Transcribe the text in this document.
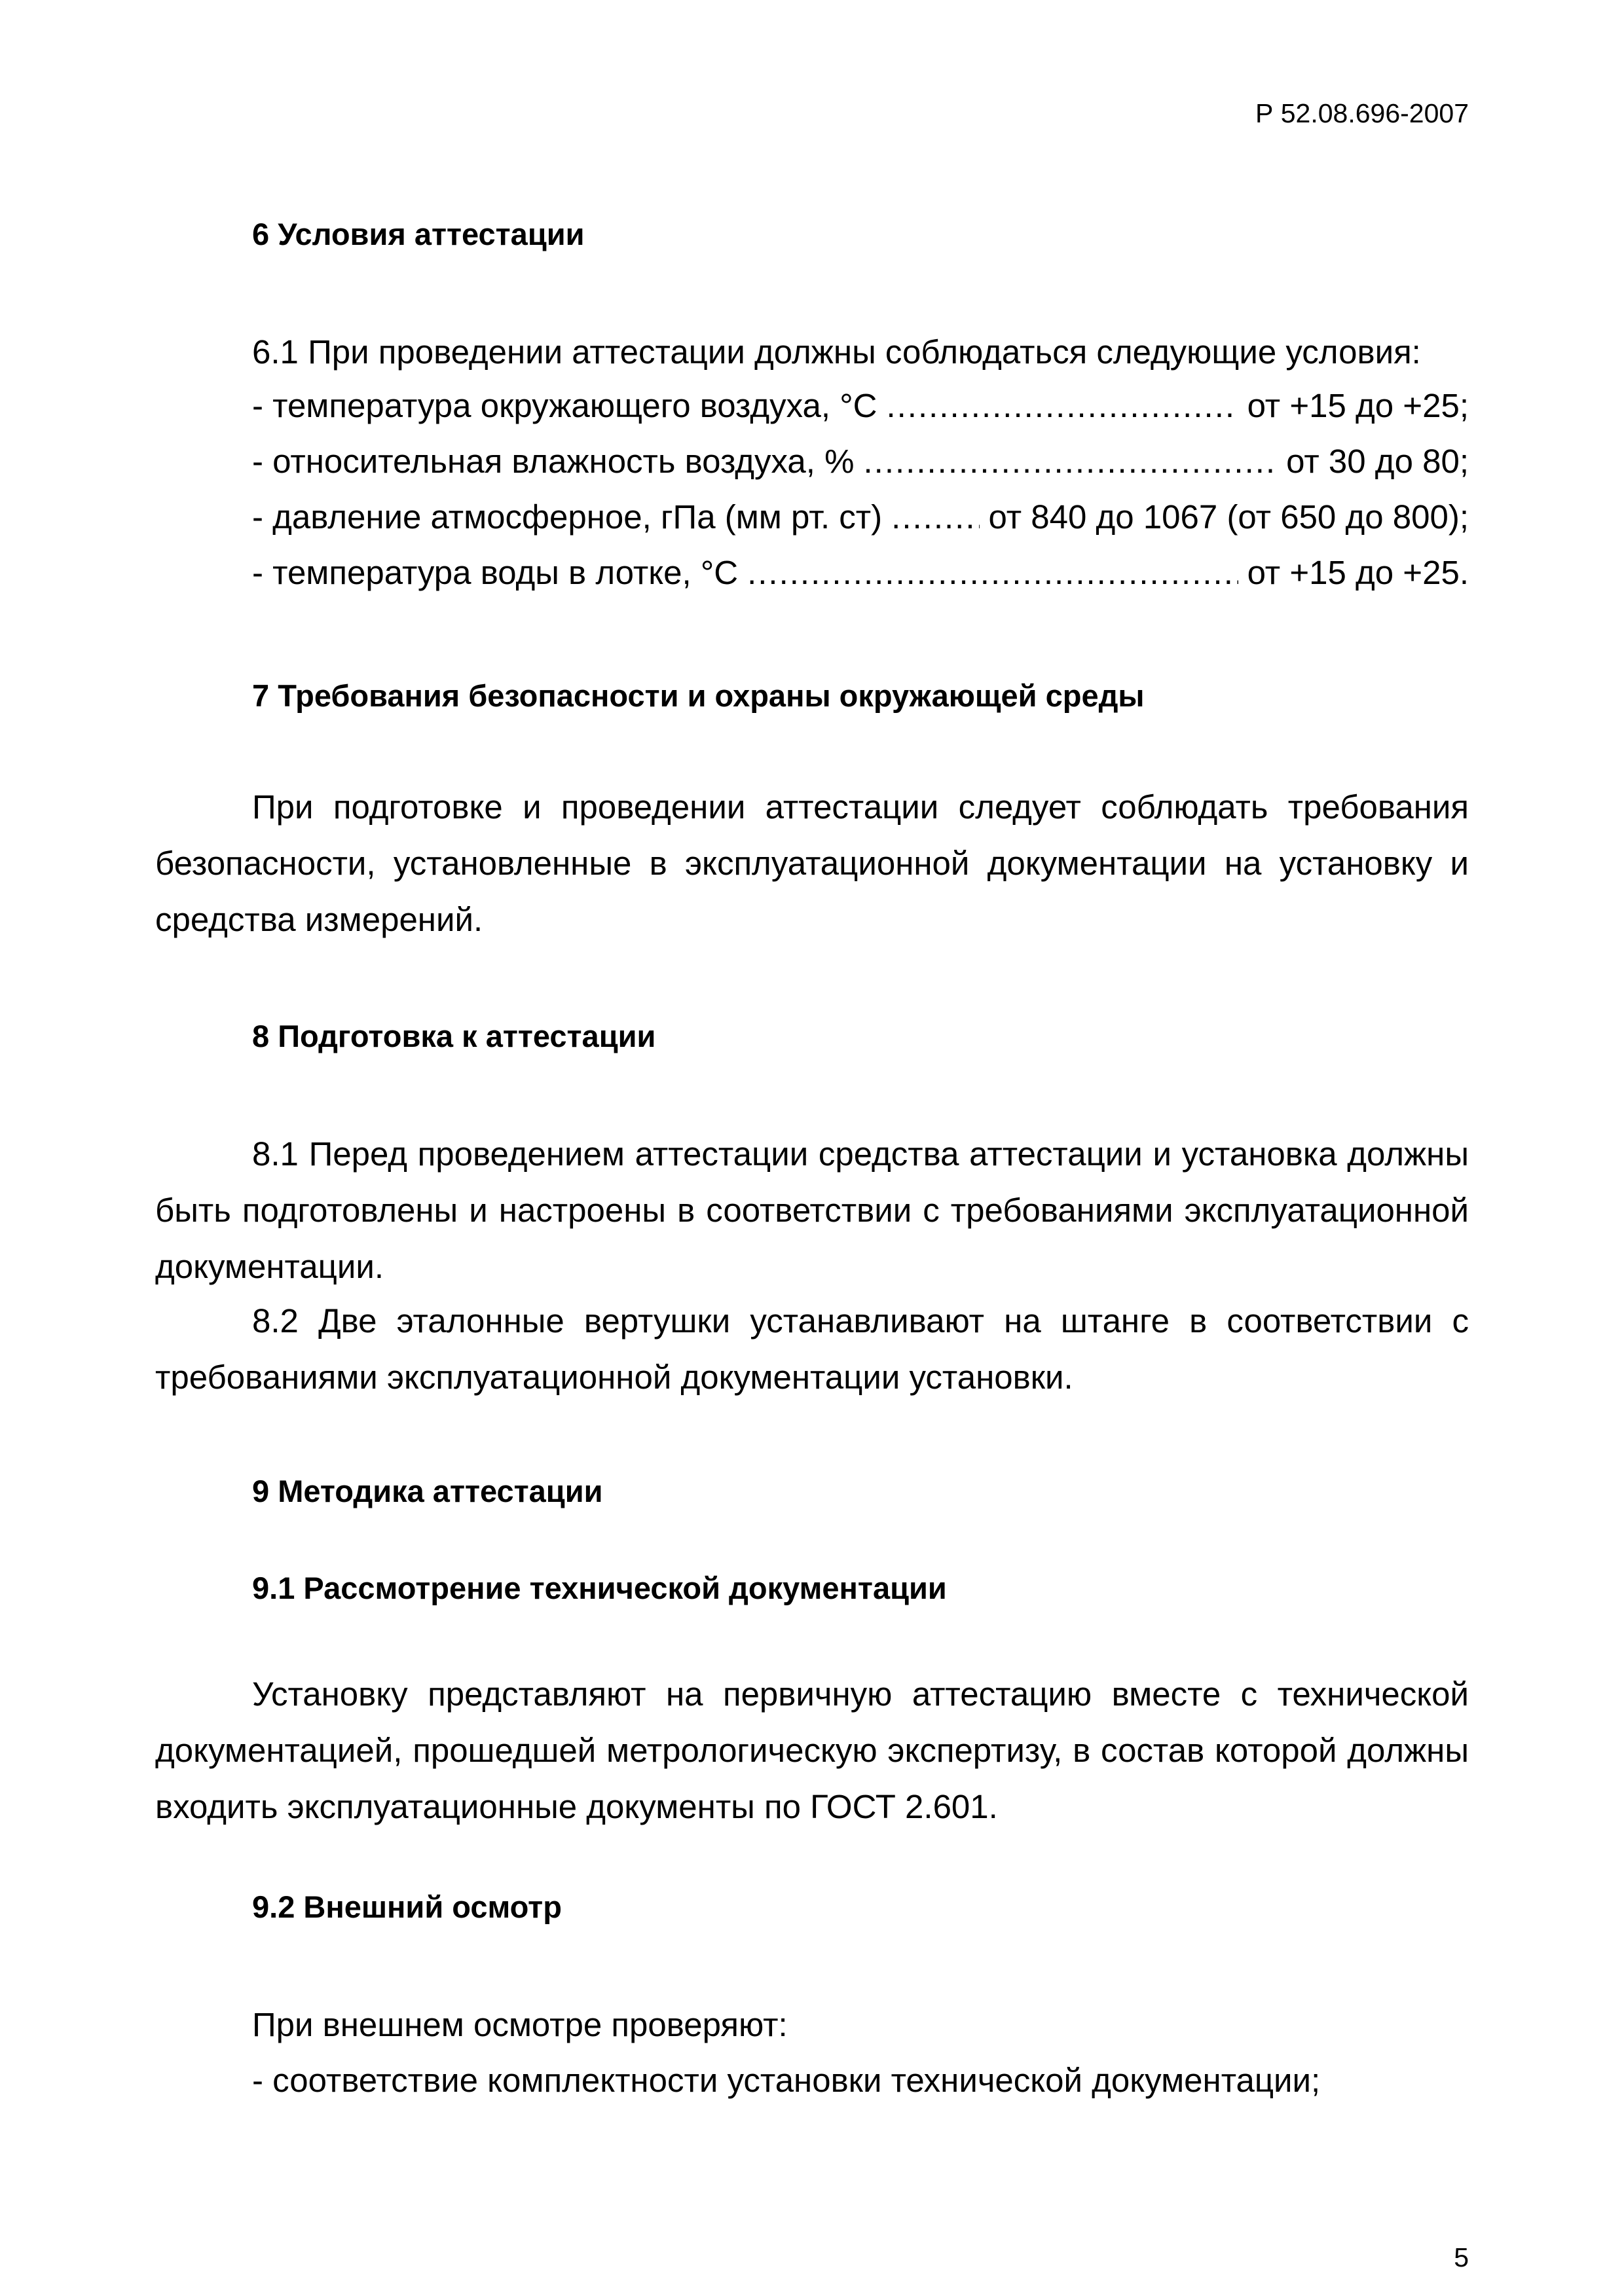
Р 52.08.696-2007
6 Условия аттестации
6.1 При проведении аттестации должны соблюдаться следующие условия:
- температура окружающего воздуха, °С .....	от +15 до +25;
- относительная влажность воздуха, % .....	от 30 до 80;
- давление атмосферное, гПа (мм рт. ст) .....	от 840 до 1067 (от 650 до 800);
- температура воды в лотке, °С .....	от +15 до +25.
7 Требования безопасности и охраны окружающей среды

При подготовке и проведении аттестации следует соблюдать требования безопасности, установленные в эксплуатационной документации на установку и средства измерений.

8 Подготовка к аттестации

8.1 Перед проведением аттестации средства аттестации и установка должны быть подготовлены и настроены в соответствии с требованиями эксплуатационной документации.

8.2 Две эталонные вертушки устанавливают на штанге в соответствии с требованиями эксплуатационной документации установки.

9 Методика аттестации
9.1 Рассмотрение технической документации

Установку представляют на первичную аттестацию вместе с технической документацией, прошедшей метрологическую экспертизу, в состав которой должны входить эксплуатационные документы по ГОСТ 2.601.

9.2 Внешний осмотр
При внешнем осмотре проверяют:
- соответствие комплектности установки технической документации;
5
